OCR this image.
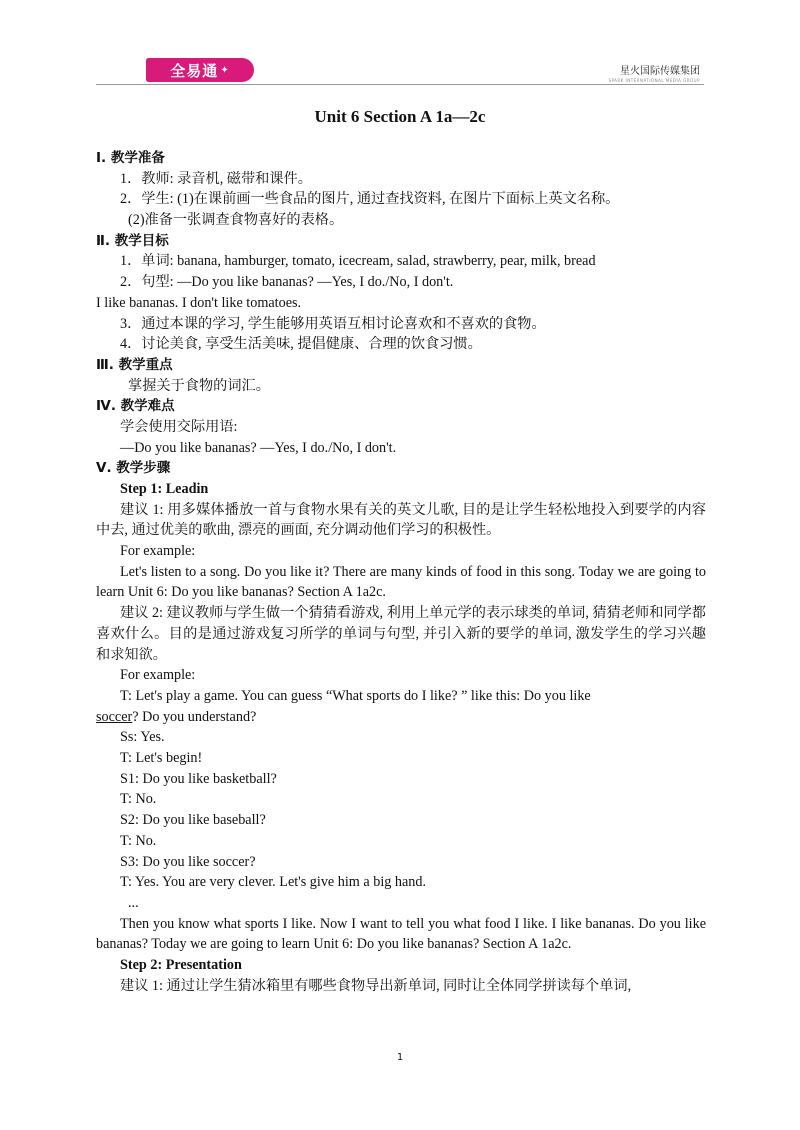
全易通 ✦	星火国际传媒集团
SPARK INTERNATIONAL MEDIA GROUP
Unit 6 Section A 1a—2c
Ⅰ. 教学准备
1．教师: 录音机, 磁带和课件。
2．学生: (1)在课前画一些食品的图片, 通过查找资料, 在图片下面标上英文名称。
(2)准备一张调查食物喜好的表格。
Ⅱ. 教学目标
1．单词: banana, hamburger, tomato, icecream, salad, strawberry, pear, milk, bread
2．句型: —Do you like bananas? —Yes, I do./No, I don't.
I like bananas. I don't like tomatoes.
3．通过本课的学习, 学生能够用英语互相讨论喜欢和不喜欢的食物。
4．讨论美食, 享受生活美味, 提倡健康、合理的饮食习惯。
Ⅲ. 教学重点
掌握关于食物的词汇。
Ⅳ. 教学难点
学会使用交际用语:
—Do you like bananas? —Yes, I do./No, I don't.
Ⅴ. 教学步骤
Step 1: Leadin
建议 1: 用多媒体播放一首与食物水果有关的英文儿歌, 目的是让学生轻松地投入到要学的内容中去, 通过优美的歌曲, 漂亮的画面, 充分调动他们学习的积极性。
For example:
Let's listen to a song. Do you like it? There are many kinds of food in this song. Today we are going to learn Unit 6: Do you like bananas? Section A 1a2c.
建议 2: 建议教师与学生做一个猜猜看游戏, 利用上单元学的表示球类的单词, 猜猜老师和同学都喜欢什么。目的是通过游戏复习所学的单词与句型, 并引入新的要学的单词, 激发学生的学习兴趣和求知欲。
For example:
T: Let's play a game. You can guess “What sports do I like? ” like this: Do you like
soccer? Do you understand?
Ss: Yes.
T: Let's begin!
S1: Do you like basketball?
T: No.
S2: Do you like baseball?
T: No.
S3: Do you like soccer?
T: Yes. You are very clever. Let's give him a big hand.
...
Then you know what sports I like. Now I want to tell you what food I like. I like bananas. Do you like bananas? Today we are going to learn Unit 6: Do you like bananas? Section A 1a2c.
Step 2: Presentation
建议 1: 通过让学生猜冰箱里有哪些食物导出新单词, 同时让全体同学拼读每个单词,
1
